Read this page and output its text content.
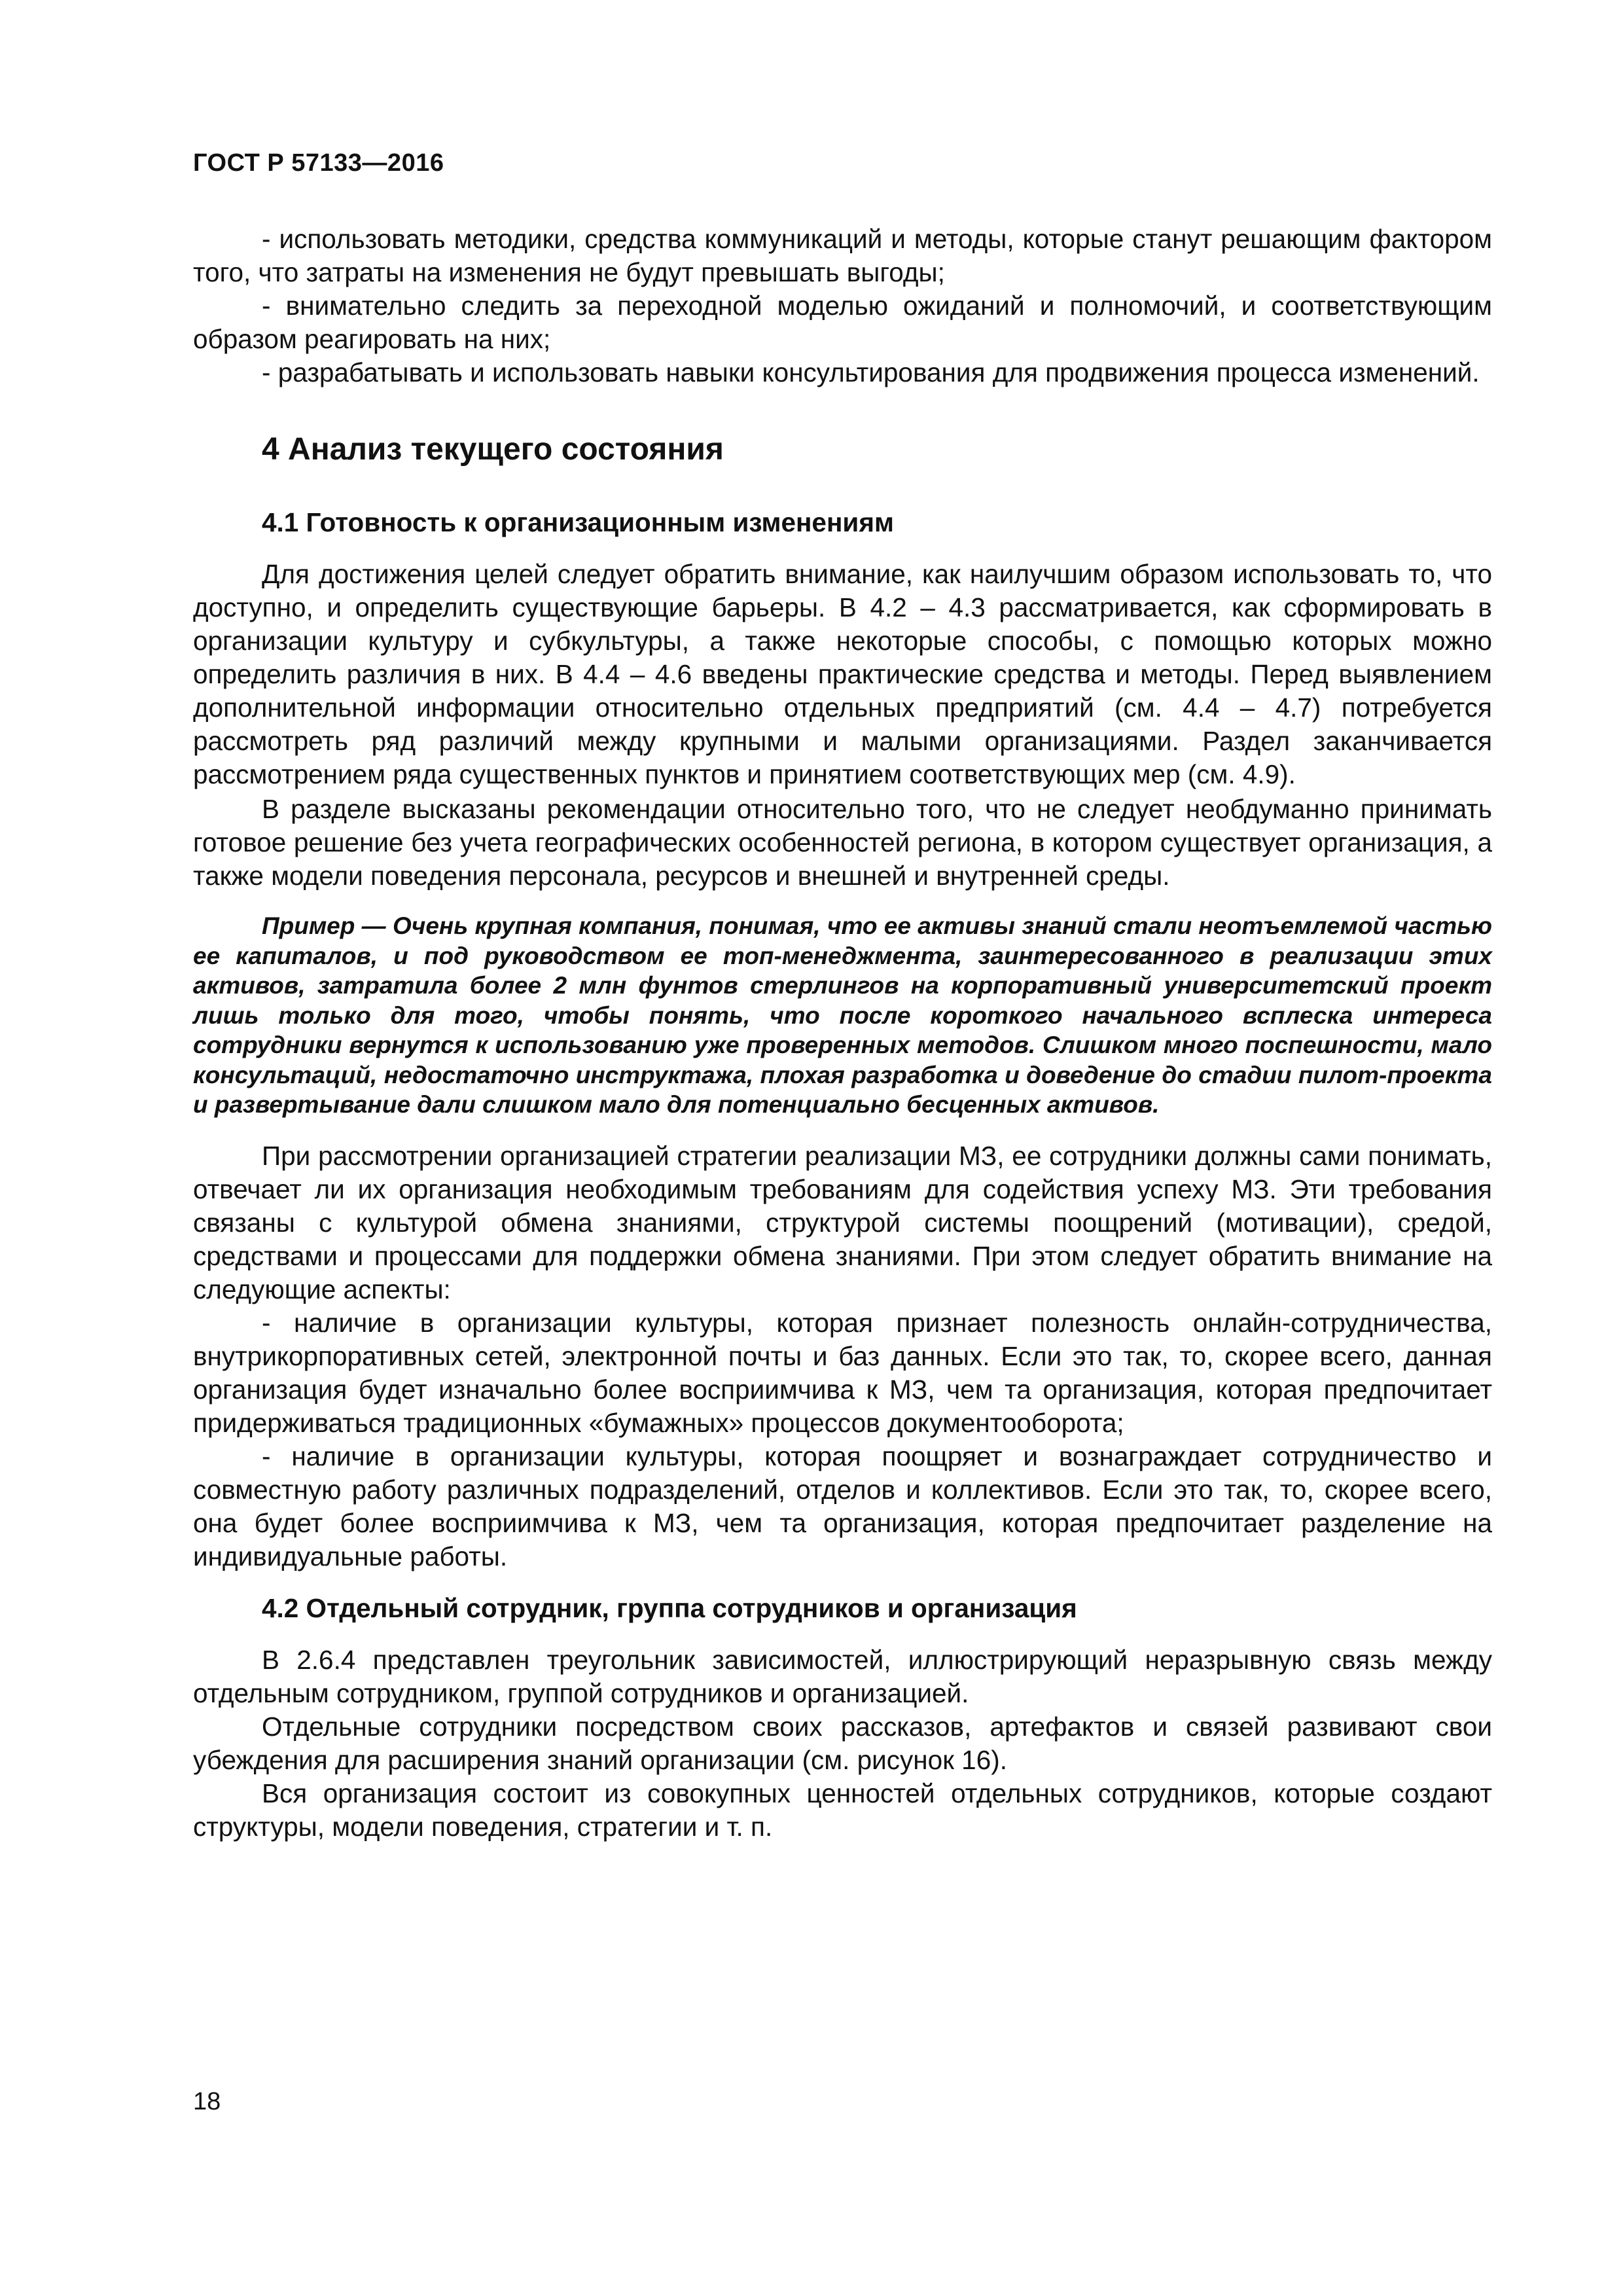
ГОСТ Р 57133—2016

- использовать методики, средства коммуникаций и методы, которые станут решающим фактором того, что затраты на изменения не будут превышать выгоды;

- внимательно следить за переходной моделью ожиданий и полномочий, и соответствующим образом реагировать на них;

- разрабатывать и использовать навыки консультирования для продвижения процесса изменений.

4 Анализ текущего состояния
4.1 Готовность к организационным изменениям

Для достижения целей следует обратить внимание, как наилучшим образом использовать то, что доступно, и определить существующие барьеры. В 4.2 – 4.3 рассматривается, как сформировать в организации культуру и субкультуры, а также некоторые способы, с помощью которых можно определить различия в них. В 4.4 – 4.6 введены практические средства и методы. Перед выявлением дополнительной информации относительно отдельных предприятий (см. 4.4 – 4.7) потребуется рассмотреть ряд различий между крупными и малыми организациями. Раздел заканчивается рассмотрением ряда существенных пунктов и принятием соответствующих мер (см. 4.9).

В разделе высказаны рекомендации относительно того, что не следует необдуманно принимать готовое решение без учета географических особенностей региона, в котором существует организация, а также модели поведения персонала, ресурсов и внешней и внутренней среды.

Пример — Очень крупная компания, понимая, что ее активы знаний стали неотъемлемой частью ее капиталов, и под руководством ее топ-менеджмента, заинтересованного в реализации этих активов, затратила более 2 млн фунтов стерлингов на корпоративный университетский проект лишь только для того, чтобы понять, что после короткого начального всплеска интереса сотрудники вернутся к использованию уже проверенных методов. Слишком много поспешности, мало консультаций, недостаточно инструктажа, плохая разработка и доведение до стадии пилот-проекта и развертывание дали слишком мало для потенциально бесценных активов.

При рассмотрении организацией стратегии реализации МЗ, ее сотрудники должны сами понимать, отвечает ли их организация необходимым требованиям для содействия успеху МЗ. Эти требования связаны с культурой обмена знаниями, структурой системы поощрений (мотивации), средой, средствами и процессами для поддержки обмена знаниями. При этом следует обратить внимание на следующие аспекты:

- наличие в организации культуры, которая признает полезность онлайн-сотрудничества, внутрикорпоративных сетей, электронной почты и баз данных. Если это так, то, скорее всего, данная организация будет изначально более восприимчива к МЗ, чем та организация, которая предпочитает придерживаться традиционных «бумажных» процессов документооборота;

- наличие в организации культуры, которая поощряет и вознаграждает сотрудничество и совместную работу различных подразделений, отделов и коллективов. Если это так, то, скорее всего, она будет более восприимчива к МЗ, чем та организация, которая предпочитает разделение на индивидуальные работы.

4.2 Отдельный сотрудник, группа сотрудников и организация

В 2.6.4 представлен треугольник зависимостей, иллюстрирующий неразрывную связь между отдельным сотрудником, группой сотрудников и организацией.

Отдельные сотрудники посредством своих рассказов, артефактов и связей развивают свои убеждения для расширения знаний организации (см. рисунок 16).

Вся организация состоит из совокупных ценностей отдельных сотрудников, которые создают структуры, модели поведения, стратегии и т. п.

18
